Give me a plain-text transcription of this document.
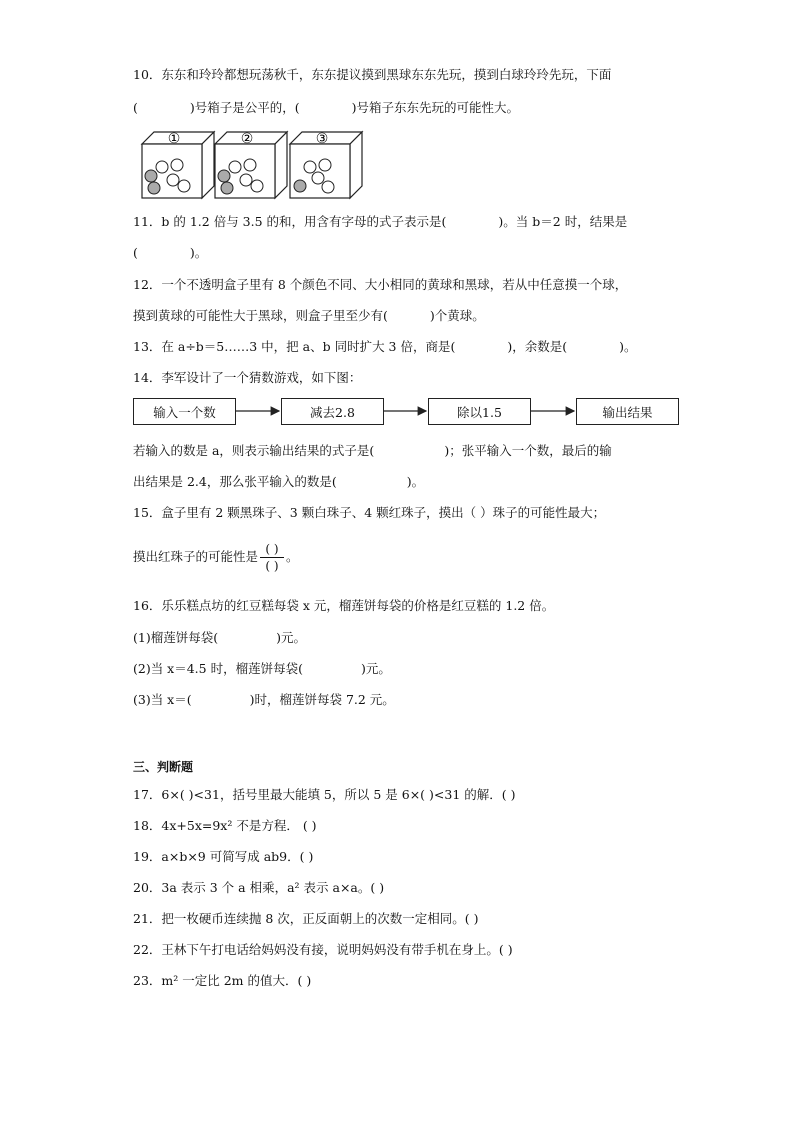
10．东东和玲玲都想玩荡秋千，东东提议摸到黑球东东先玩，摸到白球玲玲先玩，下面
(	)号箱子是公平的，(	)号箱子东东先玩的可能性大。
①	②	③
11．b 的 1.2 倍与 3.5 的和，用含有字母的式子表示是(	)。当 b＝2 时，结果是
(	)。
12．一个不透明盒子里有 8 个颜色不同、大小相同的黄球和黑球，若从中任意摸一个球，
摸到黄球的可能性大于黑球，则盒子里至少有(	)个黄球。
13．在 a÷b＝5……3 中，把 a、b 同时扩大 3 倍，商是(	)，余数是(	)。
14．李军设计了一个猜数游戏，如下图：
输入一个数	减去2.8	除以1.5	输出结果
若输入的数是 a，则表示输出结果的式子是(	)；张平输入一个数，最后的输
出结果是 2.4，那么张平输入的数是(	)。
15．盒子里有 2 颗黑珠子、3 颗白珠子、4 颗红珠子，摸出（ ）珠子的可能性最大；
摸出红珠子的可能性是 $\frac{( )}{( )}$ 。
16．乐乐糕点坊的红豆糕每袋 x 元，榴莲饼每袋的价格是红豆糕的 1.2 倍。
(1)榴莲饼每袋(	)元。
(2)当 x＝4.5 时，榴莲饼每袋(	)元。
(3)当 x＝(	)时，榴莲饼每袋 7.2 元。
三、判断题
17．6×( )<31，括号里最大能填 5，所以 5 是 6×( )<31 的解．( )
18．4x+5x=9x² 不是方程． ( )
19．a×b×9 可简写成 ab9．( )
20．3a 表示 3 个 a 相乘，a² 表示 a×a。( )
21．把一枚硬币连续抛 8 次，正反面朝上的次数一定相同。( )
22．王林下午打电话给妈妈没有接，说明妈妈没有带手机在身上。( )
23．m² 一定比 2m 的值大．( )
